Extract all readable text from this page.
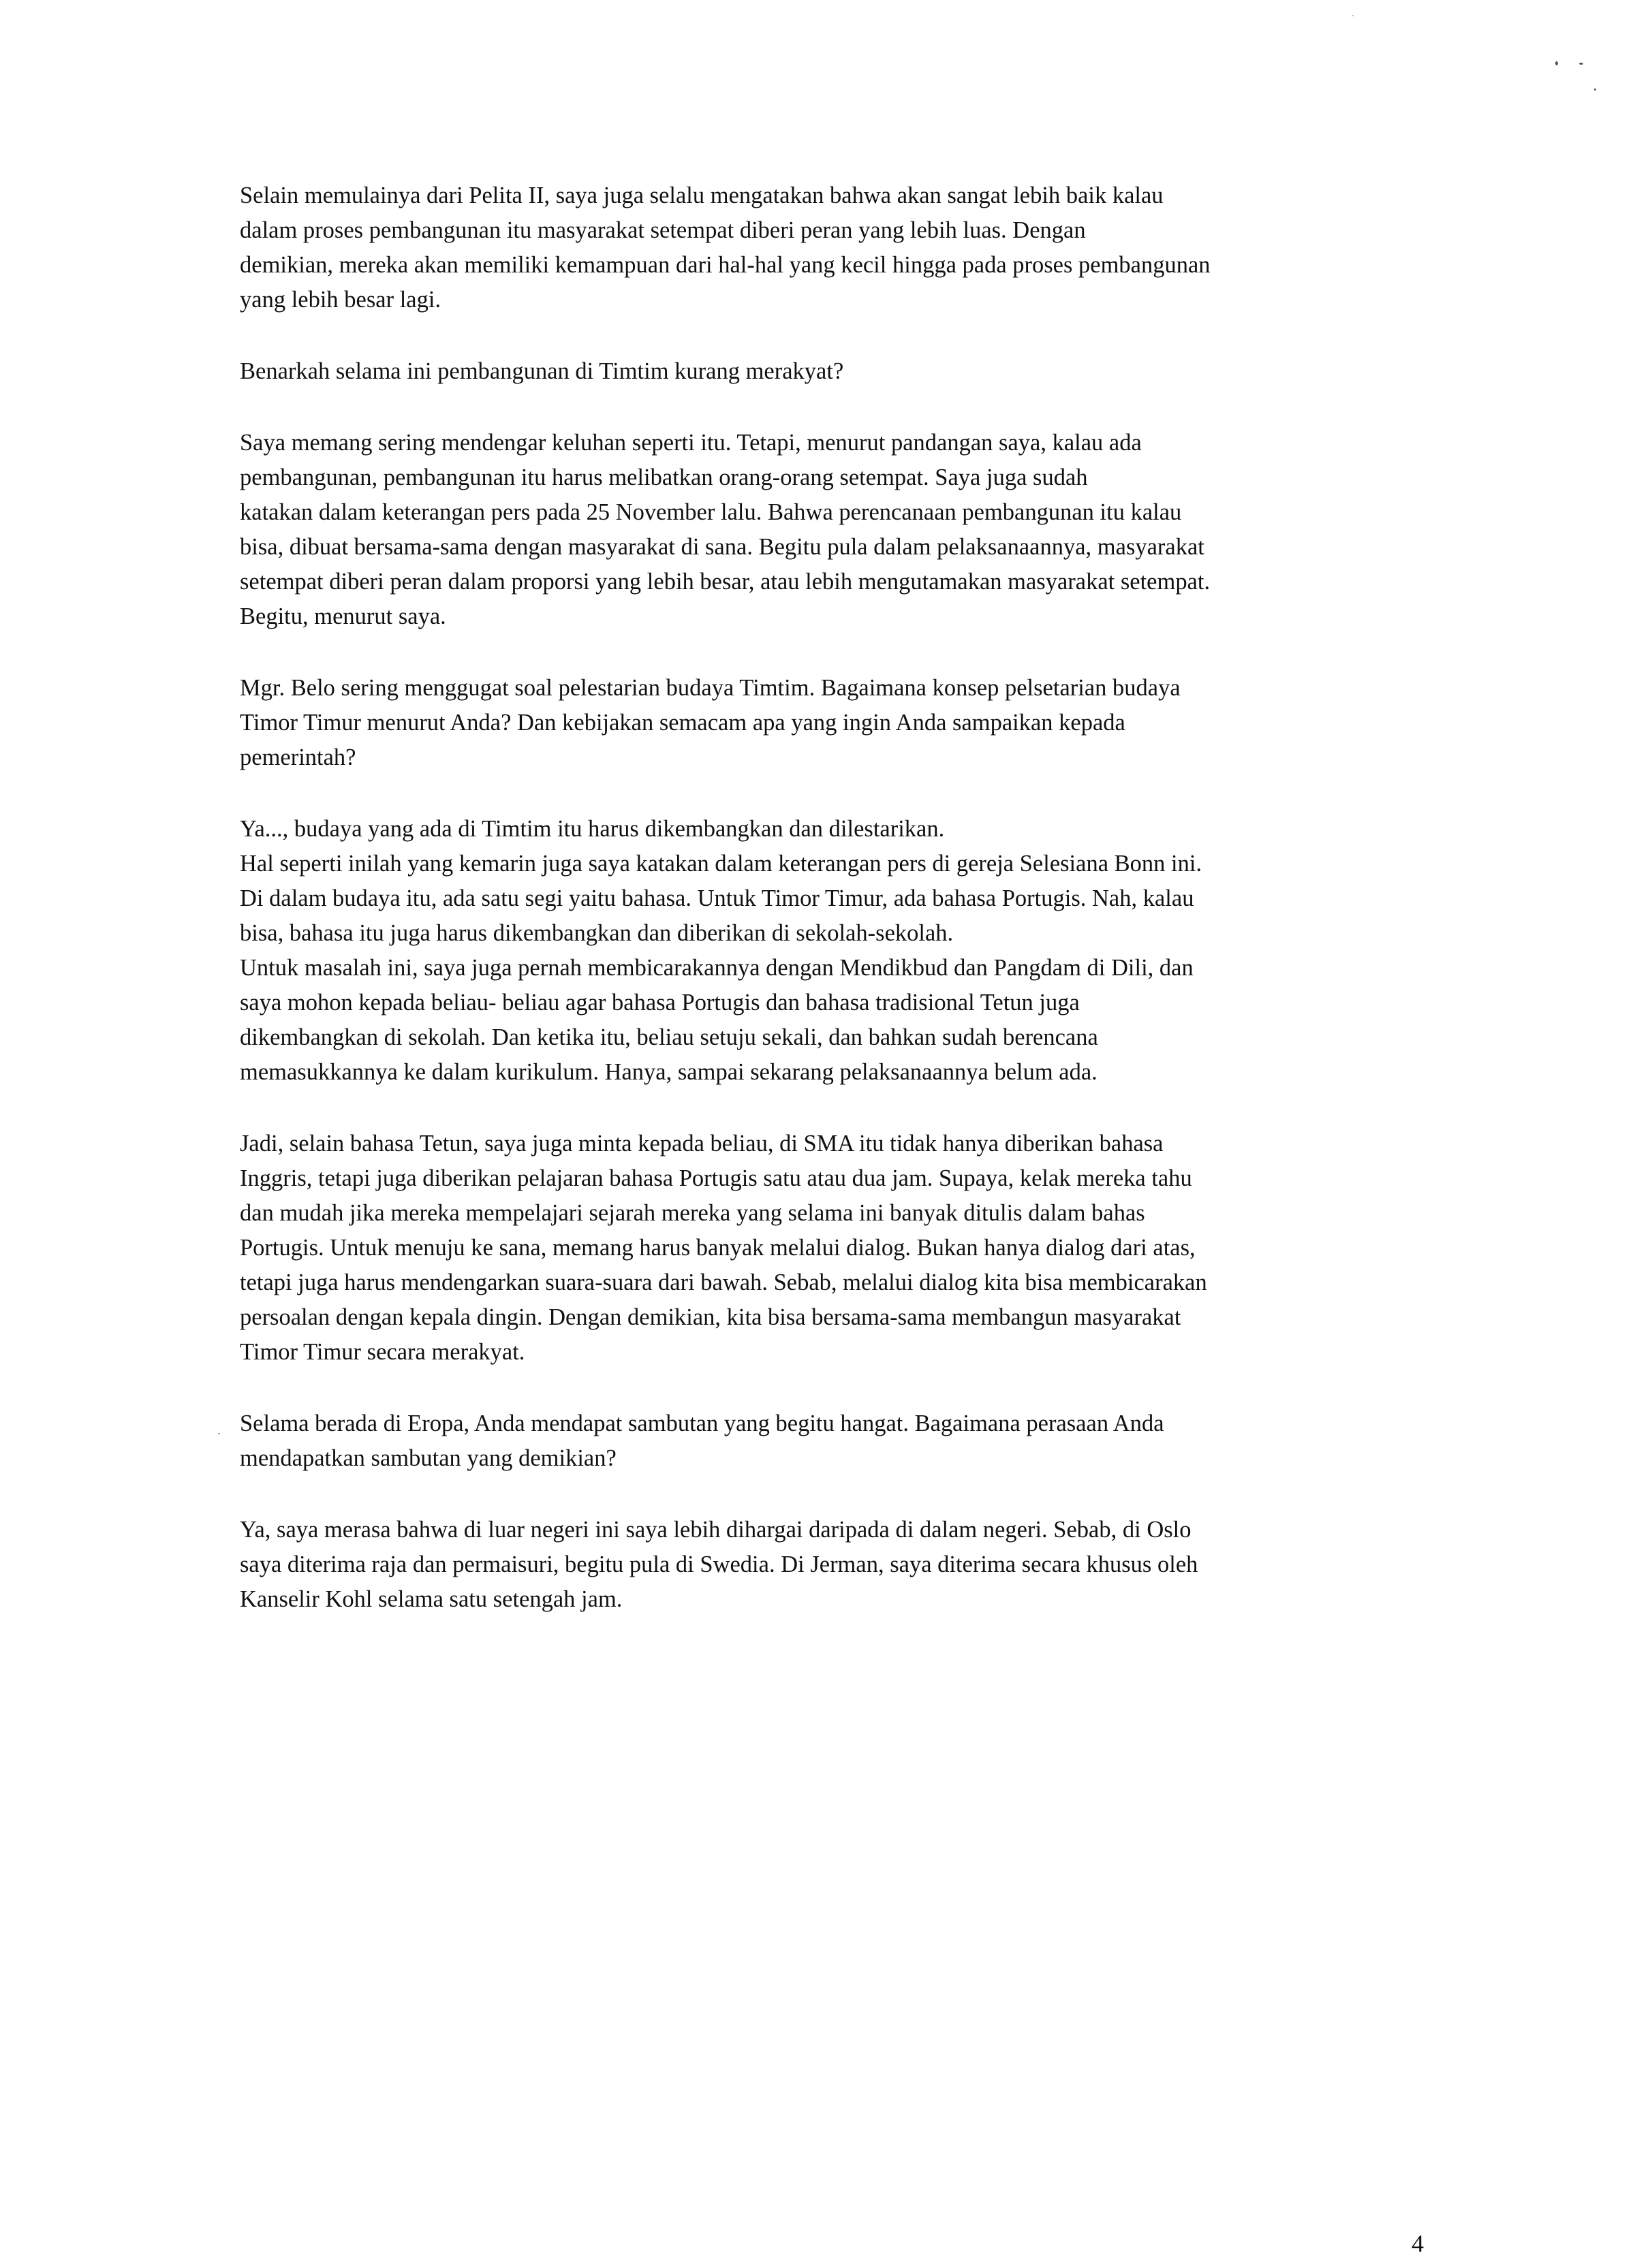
Selain memulainya dari Pelita II, saya juga selalu mengatakan bahwa akan sangat lebih baik kalau
dalam proses pembangunan itu masyarakat setempat diberi peran yang lebih luas. Dengan
demikian, mereka akan memiliki kemampuan dari hal-hal yang kecil hingga pada proses pembangunan
yang lebih besar lagi.

Benarkah selama ini pembangunan di Timtim kurang merakyat?

Saya memang sering mendengar keluhan seperti itu. Tetapi, menurut pandangan saya, kalau ada
pembangunan, pembangunan itu harus melibatkan orang-orang setempat. Saya juga sudah
katakan dalam keterangan pers pada 25 November lalu. Bahwa perencanaan pembangunan itu kalau
bisa, dibuat bersama-sama dengan masyarakat di sana. Begitu pula dalam pelaksanaannya, masyarakat
setempat diberi peran dalam proporsi yang lebih besar, atau lebih mengutamakan masyarakat setempat.
Begitu, menurut saya.

Mgr. Belo sering menggugat soal pelestarian budaya Timtim. Bagaimana konsep pelsetarian budaya
Timor Timur menurut Anda? Dan kebijakan semacam apa yang ingin Anda sampaikan kepada
pemerintah?

Ya..., budaya yang ada di Timtim itu harus dikembangkan dan dilestarikan.
Hal seperti inilah yang kemarin juga saya katakan dalam keterangan pers di gereja Selesiana Bonn ini.
Di dalam budaya itu, ada satu segi yaitu bahasa. Untuk Timor Timur, ada bahasa Portugis. Nah, kalau
bisa, bahasa itu juga harus dikembangkan dan diberikan di sekolah-sekolah.
Untuk masalah ini, saya juga pernah membicarakannya dengan Mendikbud dan Pangdam di Dili, dan
saya mohon kepada beliau- beliau agar bahasa Portugis dan bahasa tradisional Tetun juga
dikembangkan di sekolah. Dan ketika itu, beliau setuju sekali, dan bahkan sudah berencana
memasukkannya ke dalam kurikulum. Hanya, sampai sekarang pelaksanaannya belum ada.

Jadi, selain bahasa Tetun, saya juga minta kepada beliau, di SMA itu tidak hanya diberikan bahasa
Inggris, tetapi juga diberikan pelajaran bahasa Portugis satu atau dua jam. Supaya, kelak mereka tahu
dan mudah jika mereka mempelajari sejarah mereka yang selama ini banyak ditulis dalam bahas
Portugis. Untuk menuju ke sana, memang harus banyak melalui dialog. Bukan hanya dialog dari atas,
tetapi juga harus mendengarkan suara-suara dari bawah. Sebab, melalui dialog kita bisa membicarakan
persoalan dengan kepala dingin. Dengan demikian, kita bisa bersama-sama membangun masyarakat
Timor Timur secara merakyat.

Selama berada di Eropa, Anda mendapat sambutan yang begitu hangat. Bagaimana perasaan Anda
mendapatkan sambutan yang demikian?

Ya, saya merasa bahwa di luar negeri ini saya lebih dihargai daripada di dalam negeri. Sebab, di Oslo
saya diterima raja dan permaisuri, begitu pula di Swedia. Di Jerman, saya diterima secara khusus oleh
Kanselir Kohl selama satu setengah jam.

4
